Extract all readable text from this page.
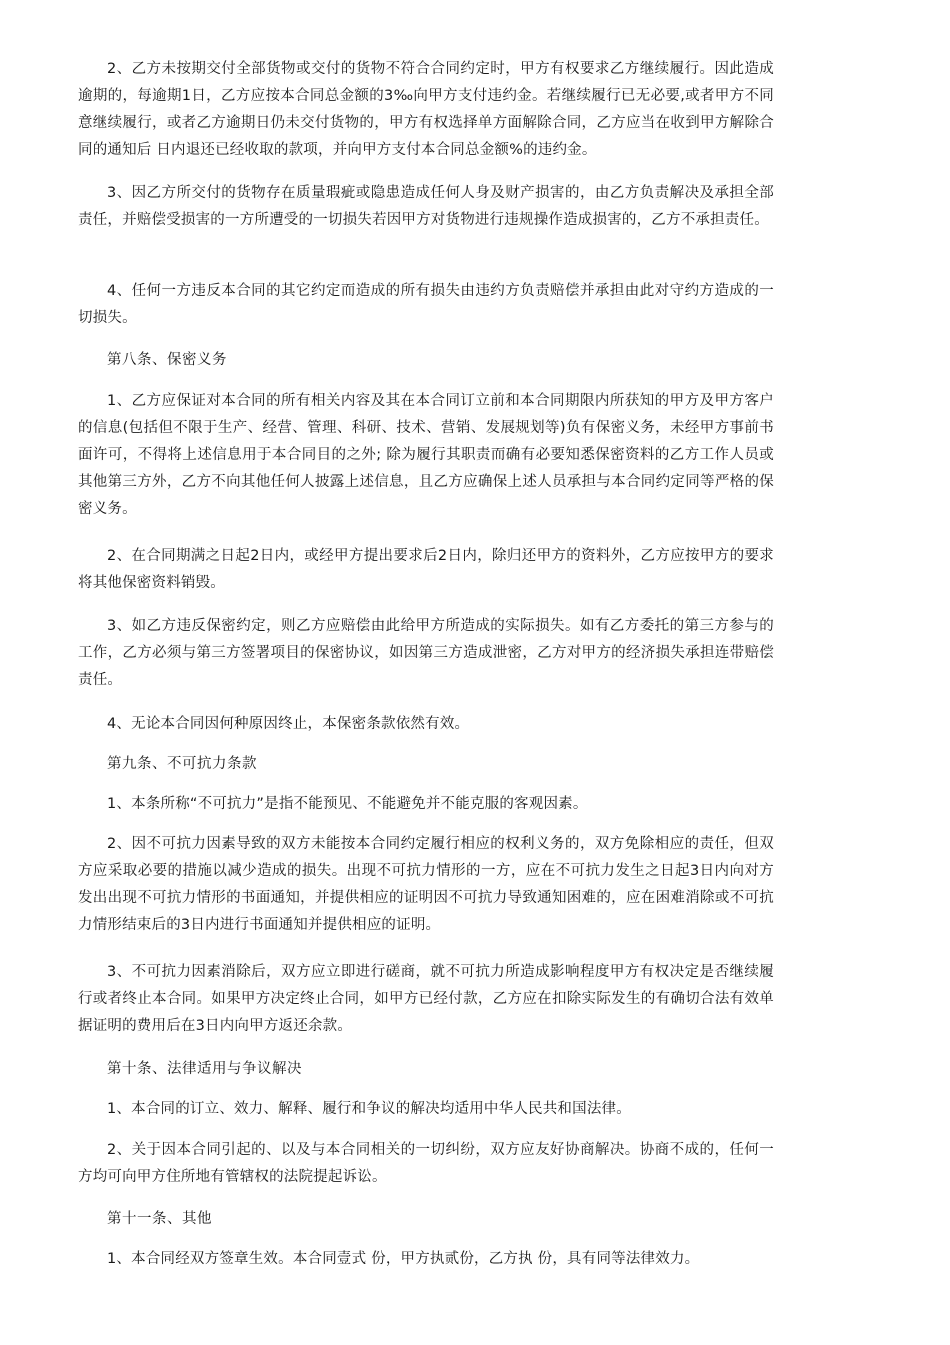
2、乙方未按期交付全部货物或交付的货物不符合合同约定时，甲方有权要求乙方继续履行。因此造成逾期的，每逾期1日，乙方应按本合同总金额的3‰向甲方支付违约金。若继续履行已无必要,或者甲方不同意继续履行，或者乙方逾期日仍未交付货物的，甲方有权选择单方面解除合同，乙方应当在收到甲方解除合同的通知后 日内退还已经收取的款项，并向甲方支付本合同总金额%的违约金。

3、因乙方所交付的货物存在质量瑕疵或隐患造成任何人身及财产损害的，由乙方负责解决及承担全部责任，并赔偿受损害的一方所遭受的一切损失若因甲方对货物进行违规操作造成损害的，乙方不承担责任。

4、任何一方违反本合同的其它约定而造成的所有损失由违约方负责赔偿并承担由此对守约方造成的一切损失。

第八条、保密义务

1、乙方应保证对本合同的所有相关内容及其在本合同订立前和本合同期限内所获知的甲方及甲方客户的信息(包括但不限于生产、经营、管理、科研、技术、营销、发展规划等)负有保密义务，未经甲方事前书面许可，不得将上述信息用于本合同目的之外; 除为履行其职责而确有必要知悉保密资料的乙方工作人员或其他第三方外，乙方不向其他任何人披露上述信息，且乙方应确保上述人员承担与本合同约定同等严格的保密义务。

2、在合同期满之日起2日内，或经甲方提出要求后2日内，除归还甲方的资料外，乙方应按甲方的要求将其他保密资料销毁。

3、如乙方违反保密约定，则乙方应赔偿由此给甲方所造成的实际损失。如有乙方委托的第三方参与的工作，乙方必须与第三方签署项目的保密协议，如因第三方造成泄密，乙方对甲方的经济损失承担连带赔偿责任。

4、无论本合同因何种原因终止，本保密条款依然有效。

第九条、不可抗力条款

1、本条所称“不可抗力”是指不能预见、不能避免并不能克服的客观因素。

2、因不可抗力因素导致的双方未能按本合同约定履行相应的权利义务的，双方免除相应的责任，但双方应采取必要的措施以减少造成的损失。出现不可抗力情形的一方，应在不可抗力发生之日起3日内向对方发出出现不可抗力情形的书面通知，并提供相应的证明因不可抗力导致通知困难的，应在困难消除或不可抗力情形结束后的3日内进行书面通知并提供相应的证明。

3、不可抗力因素消除后，双方应立即进行磋商，就不可抗力所造成影响程度甲方有权决定是否继续履行或者终止本合同。如果甲方决定终止合同，如甲方已经付款，乙方应在扣除实际发生的有确切合法有效单据证明的费用后在3日内向甲方返还余款。

第十条、法律适用与争议解决

1、本合同的订立、效力、解释、履行和争议的解决均适用中华人民共和国法律。

2、关于因本合同引起的、以及与本合同相关的一切纠纷，双方应友好协商解决。协商不成的，任何一方均可向甲方住所地有管辖权的法院提起诉讼。

第十一条、其他

1、本合同经双方签章生效。本合同壹式 份，甲方执贰份，乙方执 份，具有同等法律效力。
